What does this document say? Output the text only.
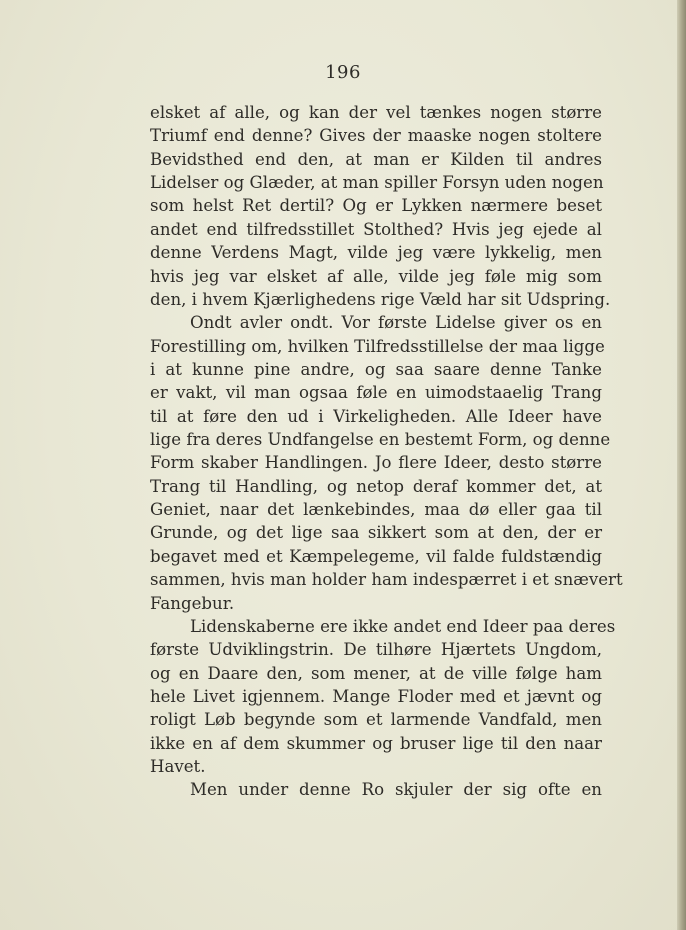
196
elsket af alle, og kan der vel tænkes nogen større
Triumf end denne? Gives der maaske nogen stoltere
Bevidsthed end den, at man er Kilden til andres
Lidelser og Glæder, at man spiller Forsyn uden nogen
som helst Ret dertil? Og er Lykken nærmere beset
andet end tilfredsstillet Stolthed? Hvis jeg ejede al
denne Verdens Magt, vilde jeg være lykkelig, men
hvis jeg var elsket af alle, vilde jeg føle mig som
den, i hvem Kjærlighedens rige Væld har sit Udspring.
Ondt avler ondt. Vor første Lidelse giver os en
Forestilling om, hvilken Tilfredsstillelse der maa ligge
i at kunne pine andre, og saa saare denne Tanke
er vakt, vil man ogsaa føle en uimodstaaelig Trang
til at føre den ud i Virkeligheden. Alle Ideer have
lige fra deres Undfangelse en bestemt Form, og denne
Form skaber Handlingen. Jo flere Ideer, desto større
Trang til Handling, og netop deraf kommer det, at
Geniet, naar det lænkebindes, maa dø eller gaa til
Grunde, og det lige saa sikkert som at den, der er
begavet med et Kæmpelegeme, vil falde fuldstændig
sammen, hvis man holder ham indespærret i et snævert
Fangebur.
Lidenskaberne ere ikke andet end Ideer paa deres
første Udviklingstrin. De tilhøre Hjærtets Ungdom,
og en Daare den, som mener, at de ville følge ham
hele Livet igjennem. Mange Floder med et jævnt og
roligt Løb begynde som et larmende Vandfald, men
ikke en af dem skummer og bruser lige til den naar
Havet.
Men under denne Ro skjuler der sig ofte en
